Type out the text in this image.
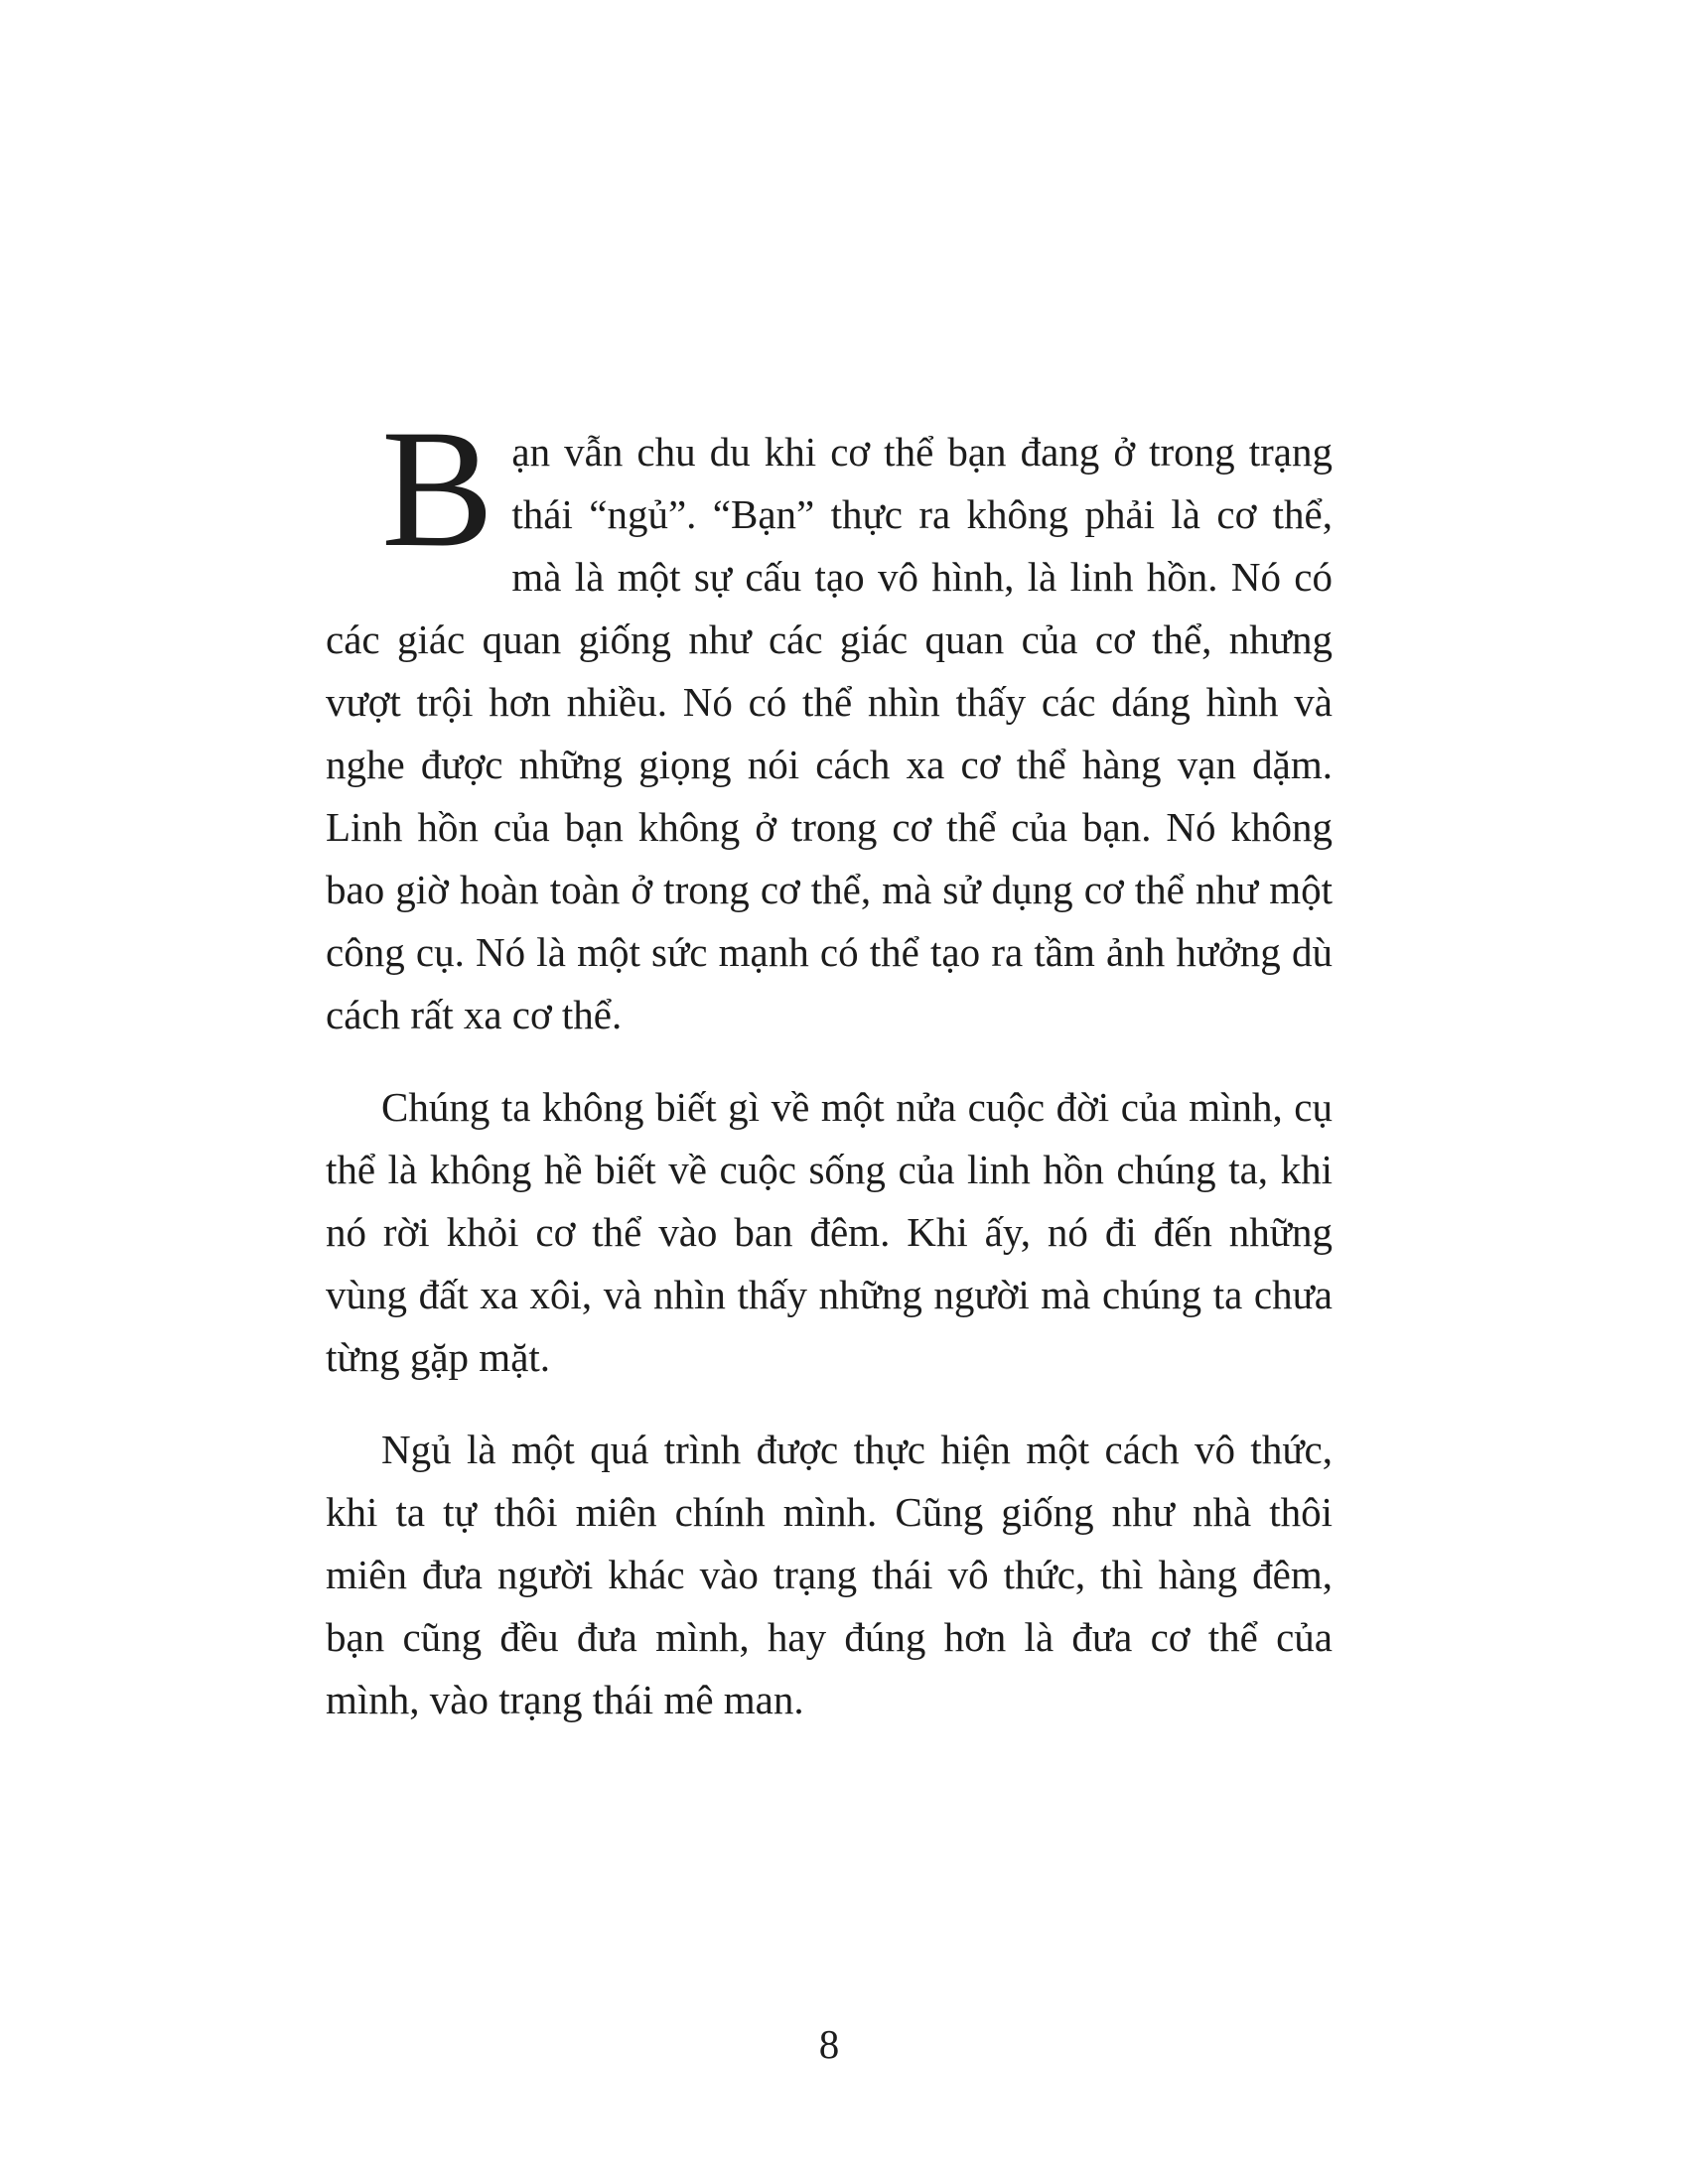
Bạn vẫn chu du khi cơ thể bạn đang ở trong trạng thái “ngủ”. “Bạn” thực ra không phải là cơ thể, mà là một sự cấu tạo vô hình, là linh hồn. Nó có các giác quan giống như các giác quan của cơ thể, nhưng vượt trội hơn nhiều. Nó có thể nhìn thấy các dáng hình và nghe được những giọng nói cách xa cơ thể hàng vạn dặm. Linh hồn của bạn không ở trong cơ thể của bạn. Nó không bao giờ hoàn toàn ở trong cơ thể, mà sử dụng cơ thể như một công cụ. Nó là một sức mạnh có thể tạo ra tầm ảnh hưởng dù cách rất xa cơ thể.

Chúng ta không biết gì về một nửa cuộc đời của mình, cụ thể là không hề biết về cuộc sống của linh hồn chúng ta, khi nó rời khỏi cơ thể vào ban đêm. Khi ấy, nó đi đến những vùng đất xa xôi, và nhìn thấy những người mà chúng ta chưa từng gặp mặt.

Ngủ là một quá trình được thực hiện một cách vô thức, khi ta tự thôi miên chính mình. Cũng giống như nhà thôi miên đưa người khác vào trạng thái vô thức, thì hàng đêm, bạn cũng đều đưa mình, hay đúng hơn là đưa cơ thể của mình, vào trạng thái mê man.

8
